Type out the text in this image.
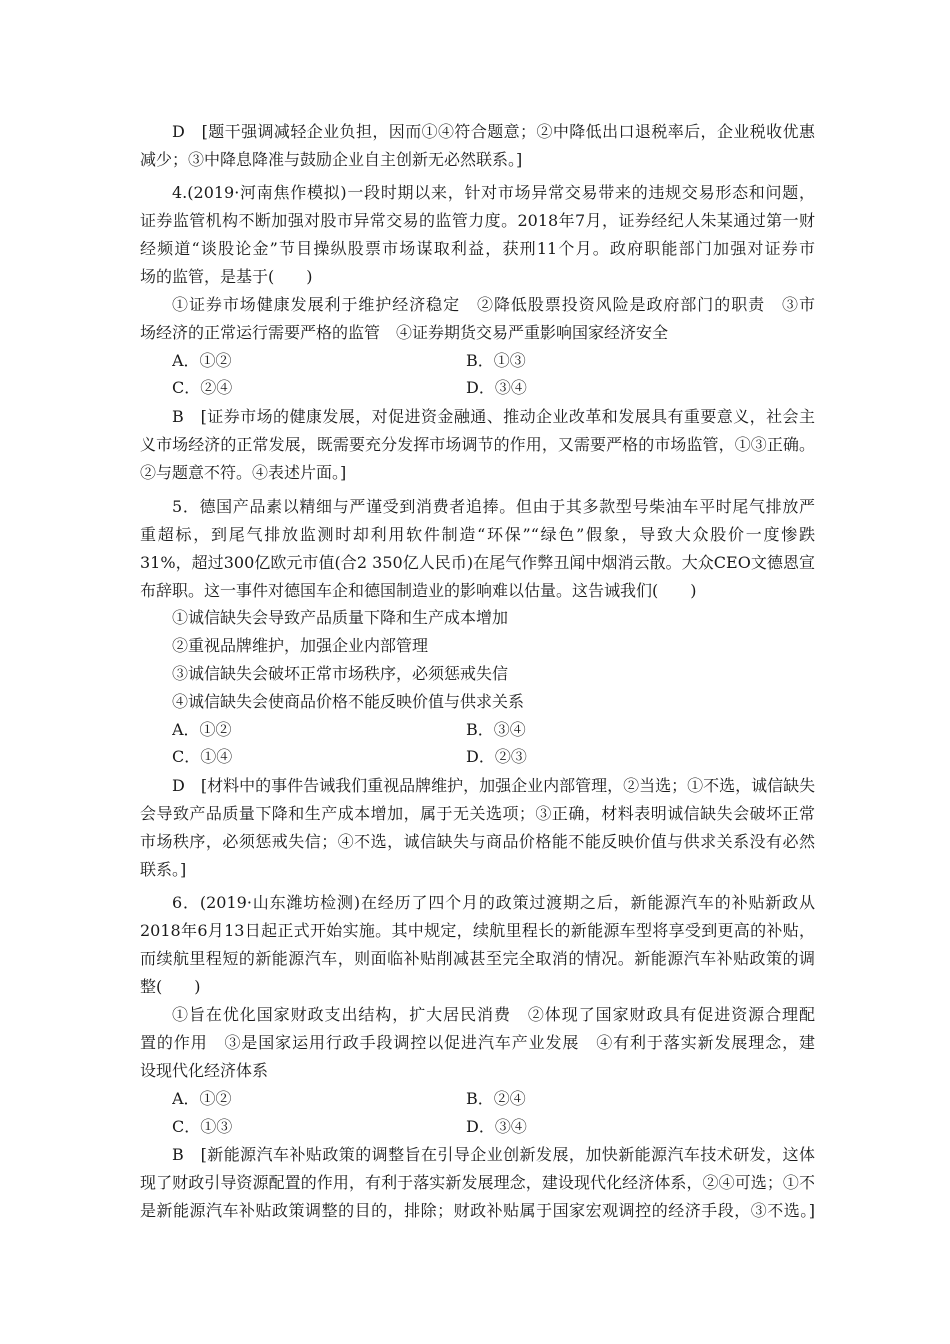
D　[题干强调减轻企业负担，因而①④符合题意；②中降低出口退税率后，企业税收优惠
减少；③中降息降准与鼓励企业自主创新无必然联系。]
4.(2019·河南焦作模拟)一段时期以来，针对市场异常交易带来的违规交易形态和问题，
证券监管机构不断加强对股市异常交易的监管力度。2018年7月，证券经纪人朱某通过第一财
经频道“谈股论金”节目操纵股票市场谋取利益，获刑11个月。政府职能部门加强对证券市
场的监管，是基于(　　)
①证券市场健康发展利于维护经济稳定　②降低股票投资风险是政府部门的职责　③市
场经济的正常运行需要严格的监管　④证券期货交易严重影响国家经济安全
A．①②	B．①③
C．②④	D．③④
B　[证券市场的健康发展，对促进资金融通、推动企业改革和发展具有重要意义，社会主
义市场经济的正常发展，既需要充分发挥市场调节的作用，又需要严格的市场监管，①③正确。
②与题意不符。④表述片面。]
5．德国产品素以精细与严谨受到消费者追捧。但由于其多款型号柴油车平时尾气排放严
重超标，到尾气排放监测时却利用软件制造“环保”“绿色”假象，导致大众股价一度惨跌
31%，超过300亿欧元市值(合2 350亿人民币)在尾气作弊丑闻中烟消云散。大众CEO文德恩宣
布辞职。这一事件对德国车企和德国制造业的影响难以估量。这告诫我们(　　)
①诚信缺失会导致产品质量下降和生产成本增加
②重视品牌维护，加强企业内部管理
③诚信缺失会破坏正常市场秩序，必须惩戒失信
④诚信缺失会使商品价格不能反映价值与供求关系
A．①②	B．③④
C．①④	D．②③
D　[材料中的事件告诫我们重视品牌维护，加强企业内部管理，②当选；①不选，诚信缺失
会导致产品质量下降和生产成本增加，属于无关选项；③正确，材料表明诚信缺失会破坏正常
市场秩序，必须惩戒失信；④不选，诚信缺失与商品价格能不能反映价值与供求关系没有必然
联系。]
6．(2019·山东潍坊检测)在经历了四个月的政策过渡期之后，新能源汽车的补贴新政从
2018年6月13日起正式开始实施。其中规定，续航里程长的新能源车型将享受到更高的补贴，
而续航里程短的新能源汽车，则面临补贴削减甚至完全取消的情况。新能源汽车补贴政策的调
整(　　)
①旨在优化国家财政支出结构，扩大居民消费　②体现了国家财政具有促进资源合理配
置的作用　③是国家运用行政手段调控以促进汽车产业发展　④有利于落实新发展理念，建
设现代化经济体系
A．①②	B．②④
C．①③	D．③④
B　[新能源汽车补贴政策的调整旨在引导企业创新发展，加快新能源汽车技术研发，这体
现了财政引导资源配置的作用，有利于落实新发展理念，建设现代化经济体系，②④可选；①不
是新能源汽车补贴政策调整的目的，排除；财政补贴属于国家宏观调控的经济手段，③不选。]
